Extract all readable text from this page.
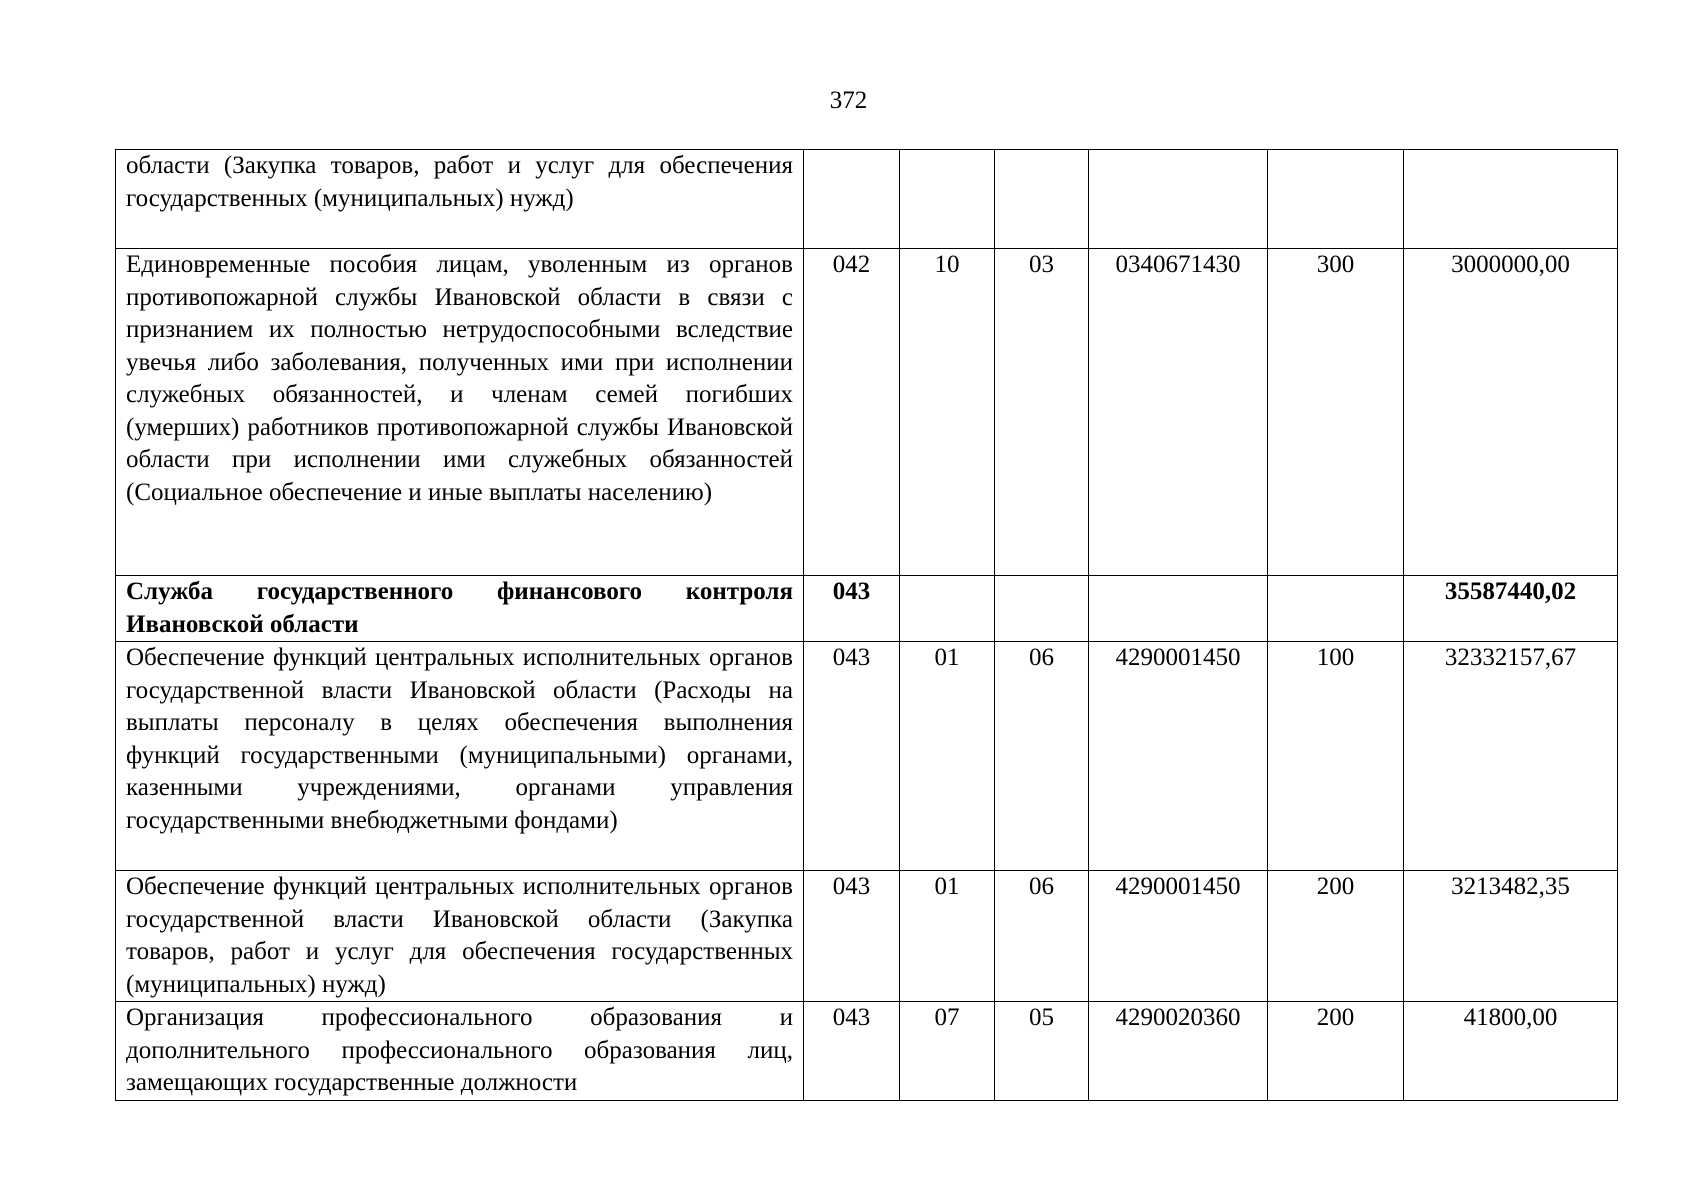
372
области (Закупка товаров, работ и услуг для обеспечения государственных (муниципальных) нужд)						
Единовременные пособия лицам, уволенным из органов противопожарной службы Ивановской области в связи с признанием их полностью нетрудоспособными вследствие увечья либо заболевания, полученных ими при исполнении служебных обязанностей, и членам семей погибших (умерших) работников противопожарной службы Ивановской области при исполнении ими служебных обязанностей (Социальное обеспечение и иные выплаты населению)	042	10	03	0340671430	300	3000000,00
Служба государственного финансового контроля Ивановской области	043					35587440,02
Обеспечение функций центральных исполнительных органов государственной власти Ивановской области (Расходы на выплаты персоналу в целях обеспечения выполнения функций государственными (муниципальными) органами, казенными учреждениями, органами управления государственными внебюджетными фондами)	043	01	06	4290001450	100	32332157,67
Обеспечение функций центральных исполнительных органов государственной власти Ивановской области (Закупка товаров, работ и услуг для обеспечения государственных (муниципальных) нужд)	043	01	06	4290001450	200	3213482,35

Организация профессионального образования и дополнительного профессионального образования лиц, замещающих государственные должности	043	07	05	4290020360	200	41800,00
